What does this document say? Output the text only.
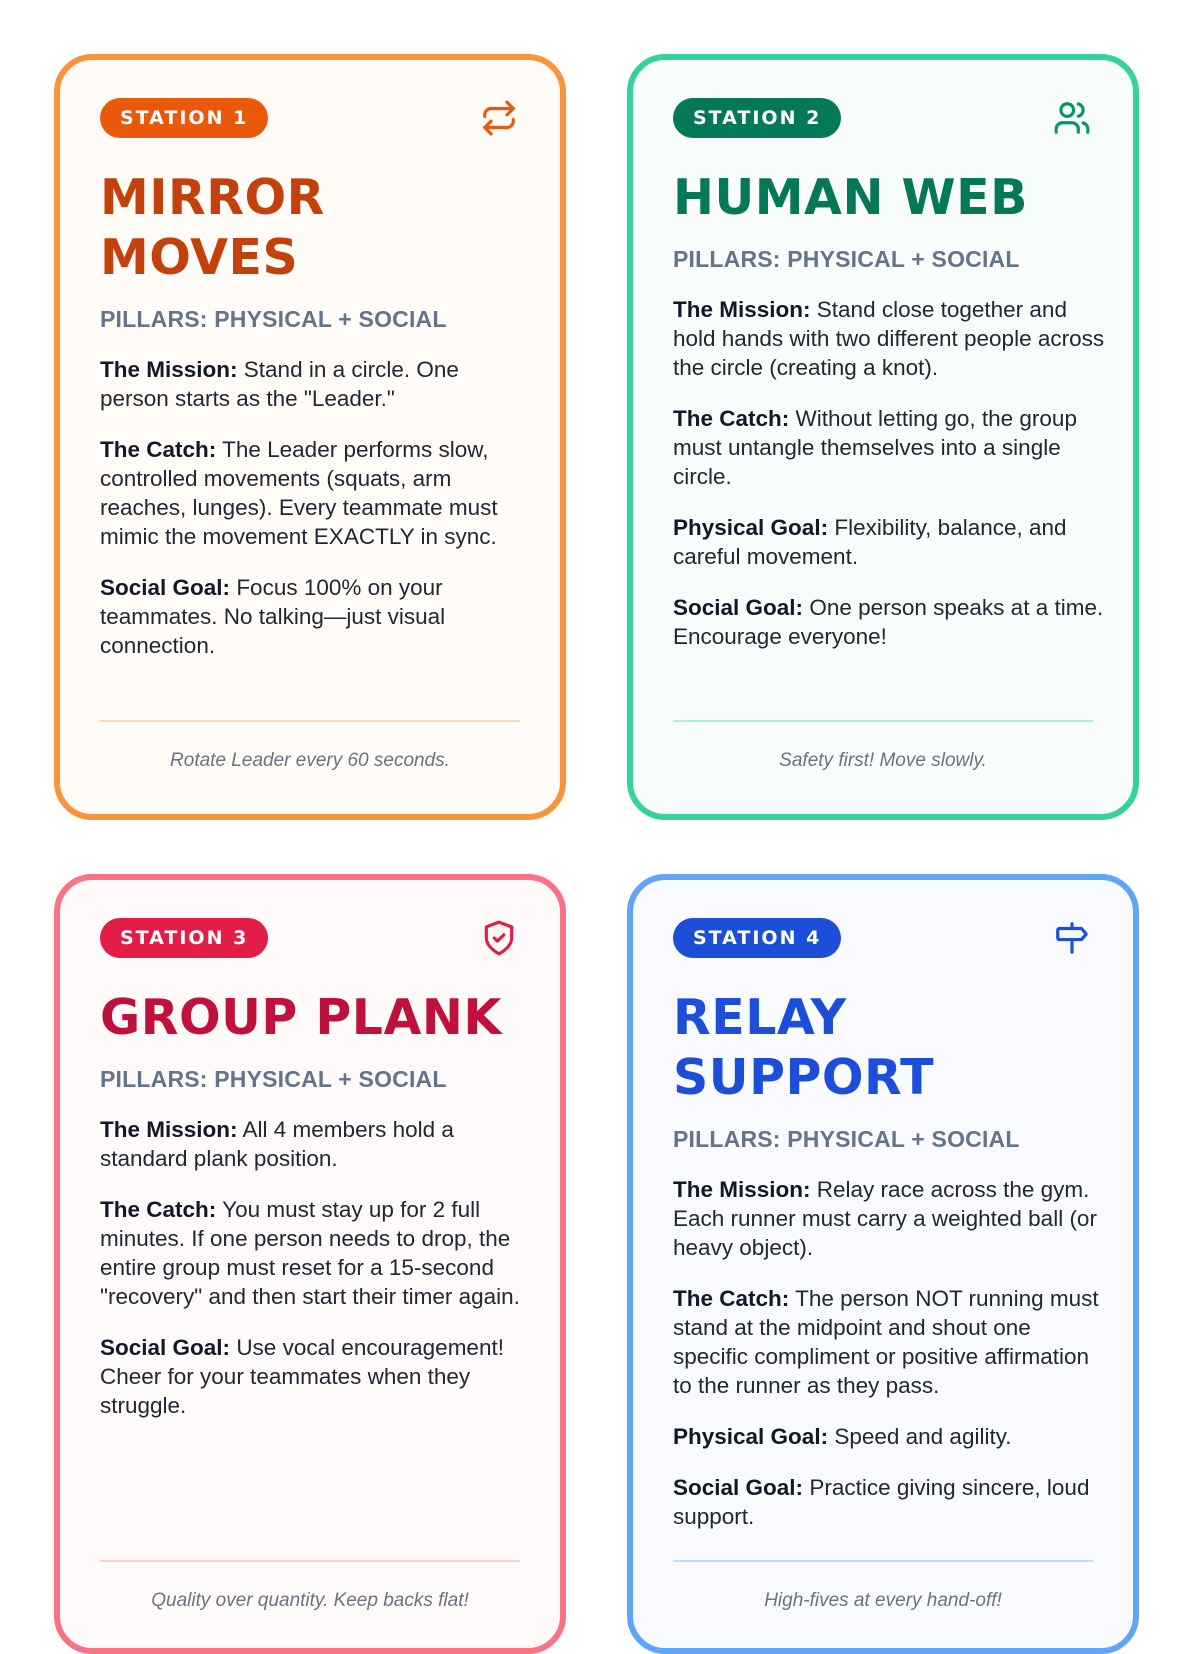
STATION 1
MIRROR MOVES
PILLARS: PHYSICAL + SOCIAL
The Mission: Stand in a circle. One person starts as the "Leader."
The Catch: The Leader performs slow, controlled movements (squats, arm reaches, lunges). Every teammate must mimic the movement EXACTLY in sync.
Social Goal: Focus 100% on your teammates. No talking—just visual connection.
Rotate Leader every 60 seconds.
STATION 2
HUMAN WEB
PILLARS: PHYSICAL + SOCIAL
The Mission: Stand close together and hold hands with two different people across the circle (creating a knot).
The Catch: Without letting go, the group must untangle themselves into a single circle.
Physical Goal: Flexibility, balance, and careful movement.
Social Goal: One person speaks at a time. Encourage everyone!
Safety first! Move slowly.
STATION 3
GROUP PLANK
PILLARS: PHYSICAL + SOCIAL
The Mission: All 4 members hold a standard plank position.
The Catch: You must stay up for 2 full minutes. If one person needs to drop, the entire group must reset for a 15-second "recovery" and then start their timer again.
Social Goal: Use vocal encouragement! Cheer for your teammates when they struggle.
Quality over quantity. Keep backs flat!
STATION 4
RELAY SUPPORT
PILLARS: PHYSICAL + SOCIAL
The Mission: Relay race across the gym. Each runner must carry a weighted ball (or heavy object).
The Catch: The person NOT running must stand at the midpoint and shout one specific compliment or positive affirmation to the runner as they pass.
Physical Goal: Speed and agility.
Social Goal: Practice giving sincere, loud support.
High-fives at every hand-off!
